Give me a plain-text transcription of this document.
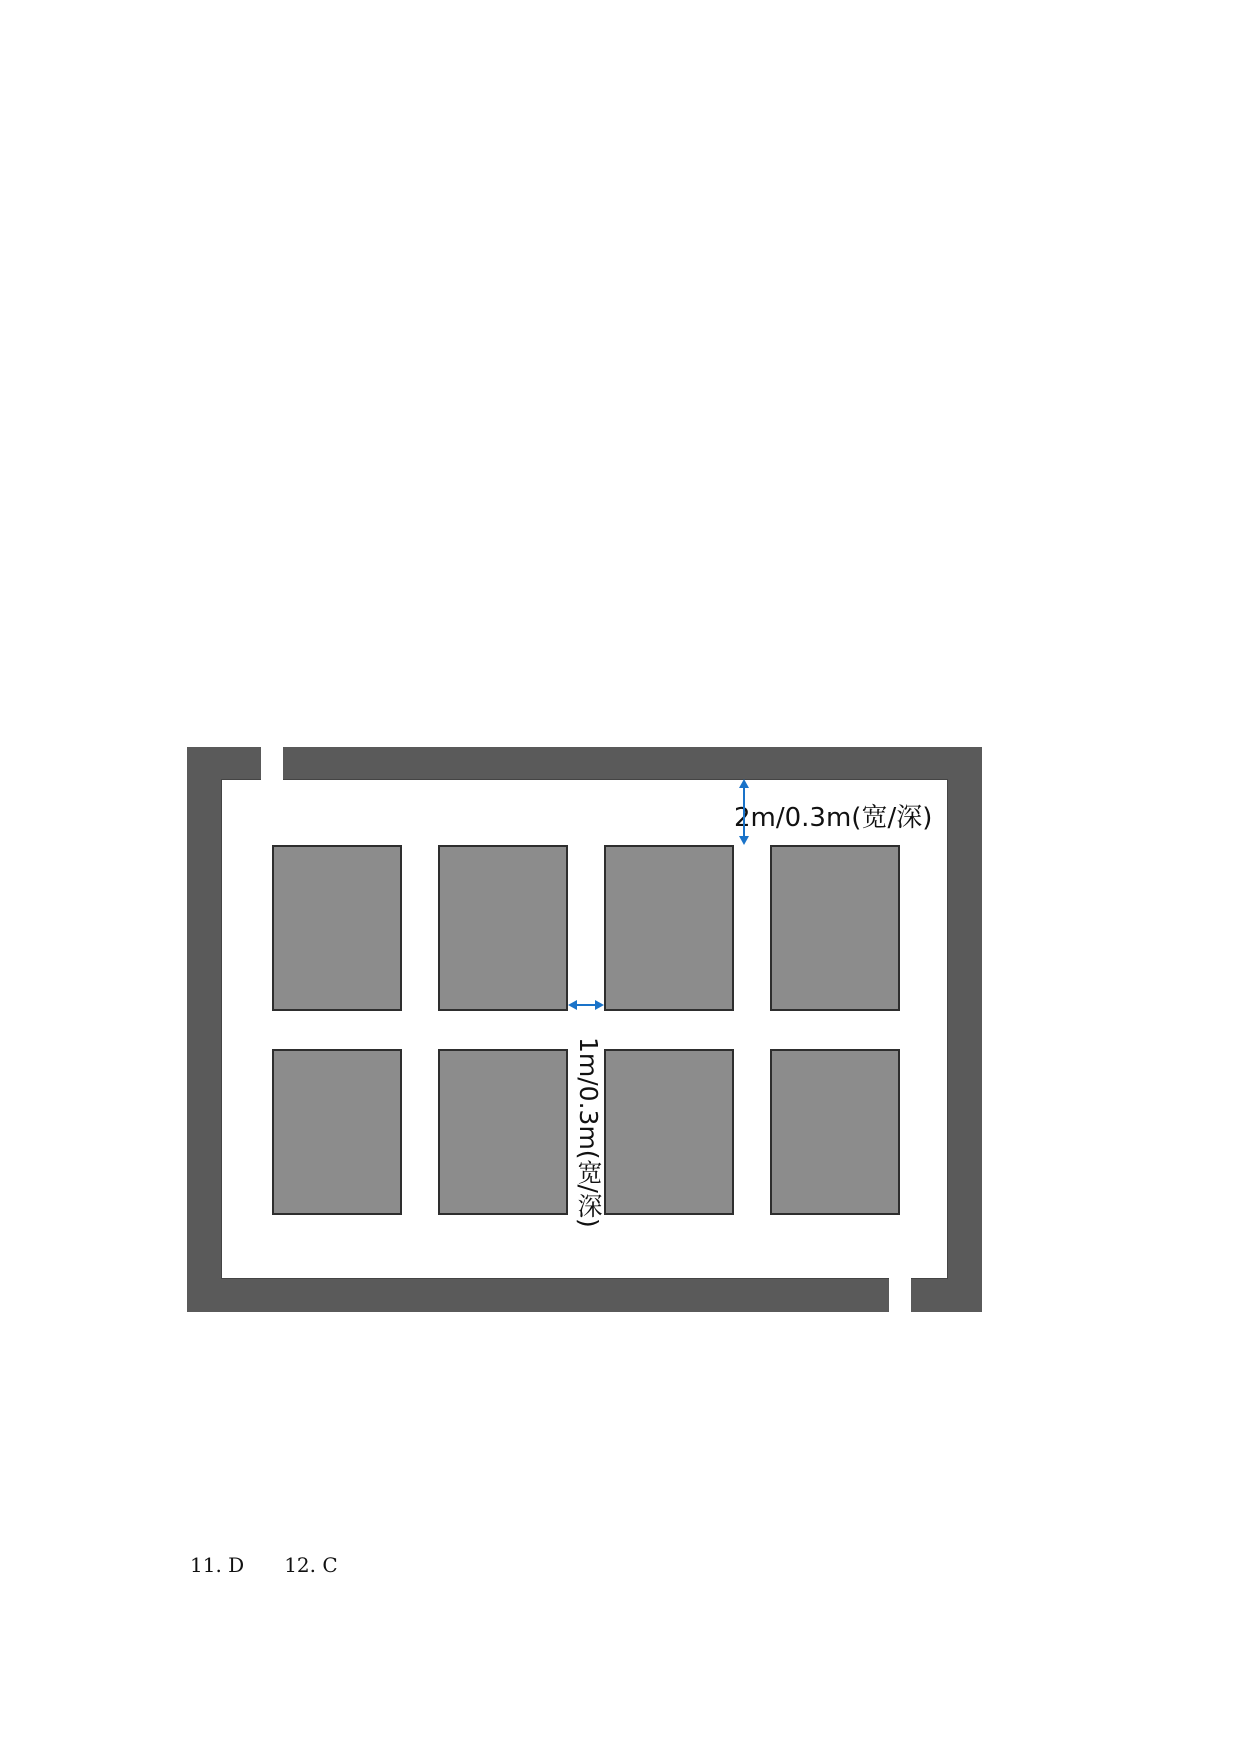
2m/0.3m(宽/深)
1m/0.3m(宽/深)

11. D　　12. C
